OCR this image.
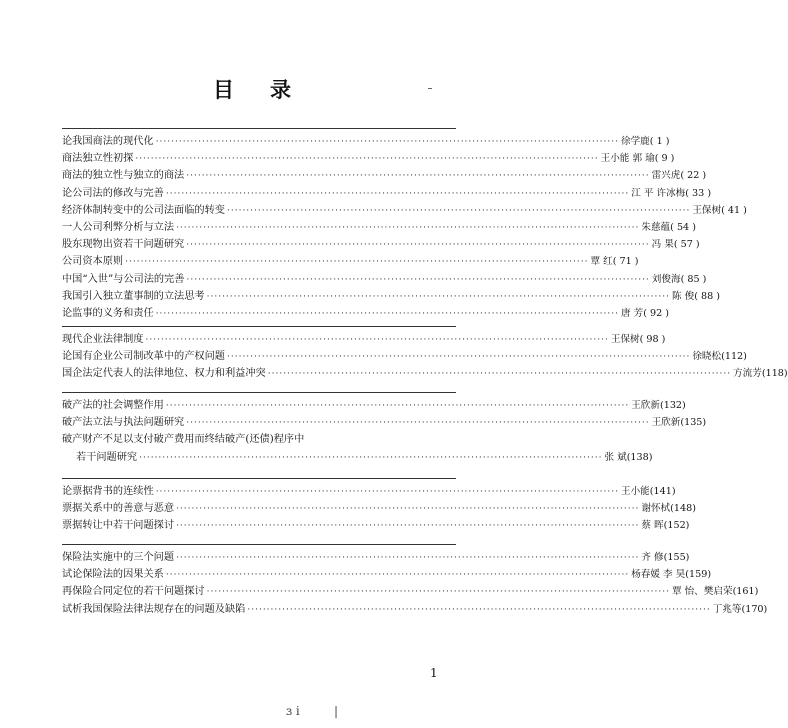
目 录
论我国商法的现代化 ························································································································ 徐学鹿 ( 1 )
商法独立性初探 ························································································································ 王小能 郭 瑜 ( 9 )
商法的独立性与独立的商法 ························································································································ 雷兴虎 ( 22 )
论公司法的修改与完善 ························································································································ 江 平 许冰梅 ( 33 )
经济体制转变中的公司法面临的转变 ························································································································ 王保树 ( 41 )
一人公司利弊分析与立法 ························································································································ 朱慈蕴 ( 54 )
股东现物出资若干问题研究 ························································································································ 冯 果 ( 57 )
公司资本原则 ························································································································ 覃 红 ( 71 )
中国“入世”与公司法的完善 ························································································································ 刘俊海 ( 85 )
我国引入独立董事制的立法思考 ························································································································ 陈 俊 ( 88 )
论监事的义务和责任 ························································································································ 唐 芳 ( 92 )
现代企业法律制度 ························································································································ 王保树 ( 98 )
论国有企业公司制改革中的产权问题 ························································································································ 徐晓松 (112)
国企法定代表人的法律地位、权力和利益冲突 ························································································································ 方流芳 (118)
破产法的社会调整作用 ························································································································ 王欣新 (132)
破产法立法与执法问题研究 ························································································································ 王欣新 (135)
破产财产不足以支付破产费用而终结破产(还债)程序中
若干问题研究 ························································································································ 张 斌 (138)
论票据背书的连续性 ························································································································ 王小能 (141)
票据关系中的善意与恶意 ························································································································ 谢怀栻 (148)
票据转让中若干问题探讨 ························································································································ 蔡 晖 (152)
保险法实施中的三个问题 ························································································································ 齐 修 (155)
试论保险法的因果关系 ························································································································ 杨春媛 李 昊 (159)
再保险合同定位的若干问题探讨 ························································································································ 覃 怡、樊启荣 (161)
试析我国保险法律法规存在的问题及缺陷 ························································································································ 丁兆等 (170)
1
ɜ i	|
